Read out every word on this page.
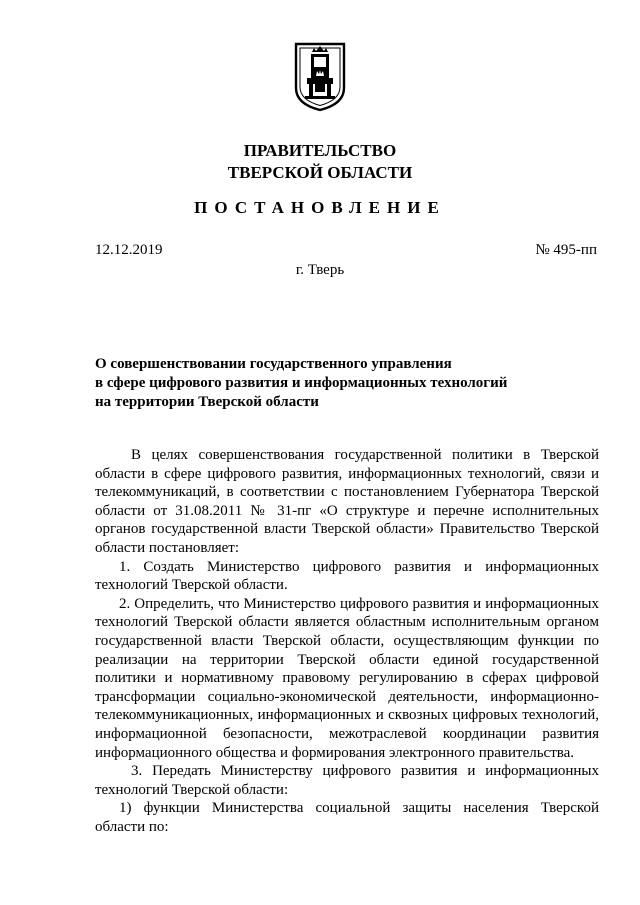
ПРАВИТЕЛЬСТВО
ТВЕРСКОЙ ОБЛАСТИ
ПОСТАНОВЛЕНИЕ
12.12.2019	№ 495-пп
г. Тверь
О совершенствовании государственного управления
в сфере цифрового развития и информационных технологий
на территории Тверской области

В целях совершенствования государственной политики в Тверской области в сфере цифрового развития, информационных технологий, связи и телекоммуникаций, в соответствии с постановлением Губернатора Тверской области от 31.08.2011 № 31-пг «О структуре и перечне исполнительных органов государственной власти Тверской области» Правительство Тверской области постановляет:

1. Создать Министерство цифрового развития и информационных технологий Тверской области.

2. Определить, что Министерство цифрового развития и информационных технологий Тверской области является областным исполнительным органом государственной власти Тверской области, осуществляющим функции по реализации на территории Тверской области единой государственной политики и нормативному правовому регулированию в сферах цифровой трансформации социально-экономической деятельности, информационно-телекоммуникационных, информационных и сквозных цифровых технологий, информационной безопасности, межотраслевой координации развития информационного общества и формирования электронного правительства.

3. Передать Министерству цифрового развития и информационных технологий Тверской области:

1) функции Министерства социальной защиты населения Тверской области по:
